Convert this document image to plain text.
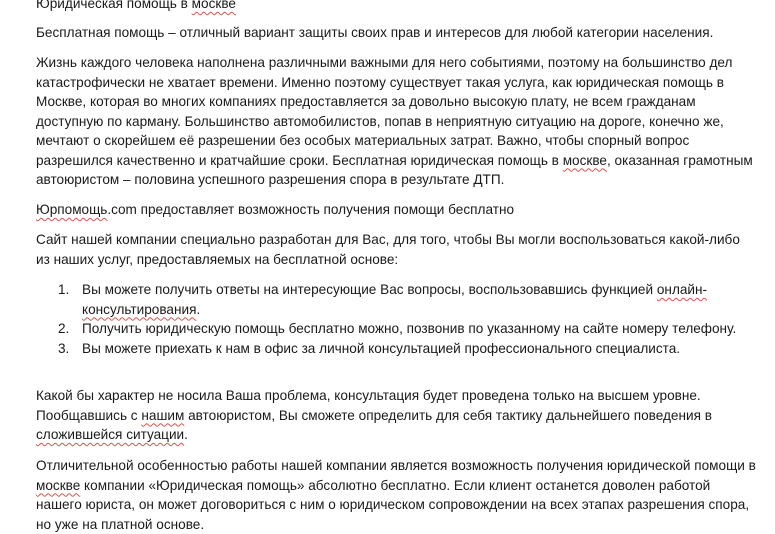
Юридическая помощь в москве

Бесплатная помощь – отличный вариант защиты своих прав и интересов для любой категории населения.

Жизнь каждого человека наполнена различными важными для него событиями, поэтому на большинство дел катастрофически не хватает времени. Именно поэтому существует такая услуга, как юридическая помощь в Москве, которая во многих компаниях предоставляется за довольно высокую плату, не всем гражданам доступную по карману. Большинство автомобилистов, попав в неприятную ситуацию на дороге, конечно же, мечтают о скорейшем её разрешении без особых материальных затрат. Важно, чтобы спорный вопрос разрешился качественно и кратчайшие сроки. Бесплатная юридическая помощь в москве, оказанная грамотным автоюристом – половина успешного разрешения спора в результате ДТП.

Юрпомощь.com предоставляет возможность получения помощи бесплатно

Сайт нашей компании специально разработан для Вас, для того, чтобы Вы могли воспользоваться какой-либо из наших услуг, предоставляемых на бесплатной основе:

1. Вы можете получить ответы на интересующие Вас вопросы, воспользовавшись функцией онлайн-консультирования.
2. Получить юридическую помощь бесплатно можно, позвонив по указанному на сайте номеру телефону.
3. Вы можете приехать к нам в офис за личной консультацией профессионального специалиста.

Какой бы характер не носила Ваша проблема, консультация будет проведена только на высшем уровне. Пообщавшись с нашим автоюристом, Вы сможете определить для себя тактику дальнейшего поведения в сложившейся ситуации.

Отличительной особенностью работы нашей компании является возможность получения юридической помощи в москве компании «Юридическая помощь» абсолютно бесплатно. Если клиент останется доволен работой нашего юриста, он может договориться с ним о юридическом сопровождении на всех этапах разрешения спора, но уже на платной основе.
